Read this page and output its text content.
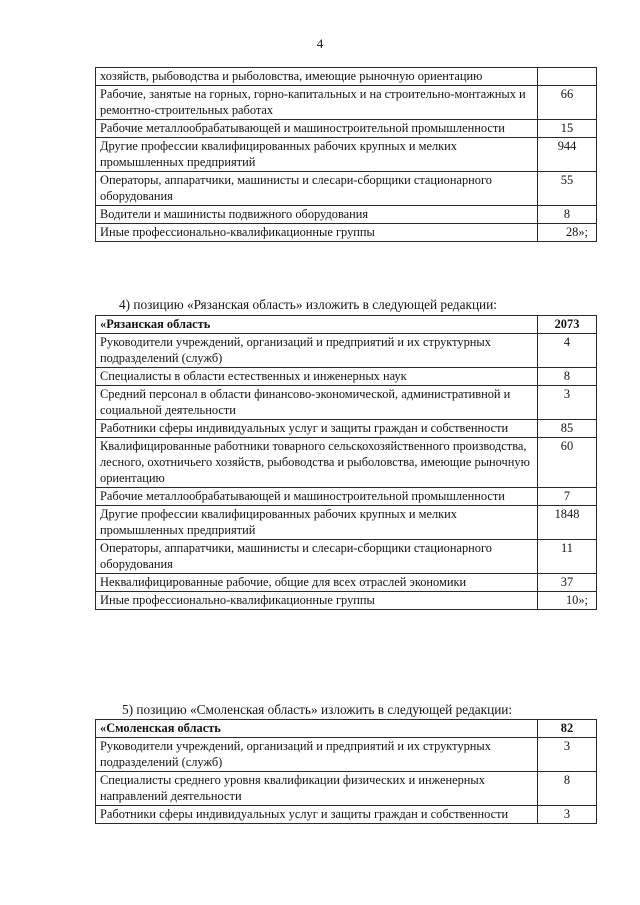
4
хозяйств, рыбоводства и рыболовства, имеющие рыночную ориентацию	
Рабочие, занятые на горных, горно-капитальных и на строительно-монтажных и ремонтно-строительных работах	66
Рабочие металлообрабатывающей и машиностроительной промышленности	15
Другие профессии квалифицированных рабочих крупных и мелких промышленных предприятий	944
Операторы, аппаратчики, машинисты и слесари-сборщики стационарного оборудования	55
Водители и машинисты подвижного оборудования	8
Иные профессионально-квалификационные группы	28»;
4) позицию «Рязанская область» изложить в следующей редакции:
«Рязанская область	2073
Руководители учреждений, организаций и предприятий и их структурных подразделений (служб)	4
Специалисты в области естественных и инженерных наук	8
Средний персонал в области финансово-экономической, административной и социальной деятельности	3
Работники сферы индивидуальных услуг и защиты граждан и собственности	85
Квалифицированные работники товарного сельскохозяйственного производства, лесного, охотничьего хозяйств, рыбоводства и рыболовства, имеющие рыночную ориентацию	60
Рабочие металлообрабатывающей и машиностроительной промышленности	7
Другие профессии квалифицированных рабочих крупных и мелких промышленных предприятий	1848
Операторы, аппаратчики, машинисты и слесари-сборщики стационарного оборудования	11
Неквалифицированные рабочие, общие для всех отраслей экономики	37
Иные профессионально-квалификационные группы	10»;
5) позицию «Смоленская область» изложить в следующей редакции:
«Смоленская область	82
Руководители учреждений, организаций и предприятий и их структурных подразделений (служб)	3
Специалисты среднего уровня квалификации физических и инженерных направлений деятельности	8
Работники сферы индивидуальных услуг и защиты граждан и собственности	3
